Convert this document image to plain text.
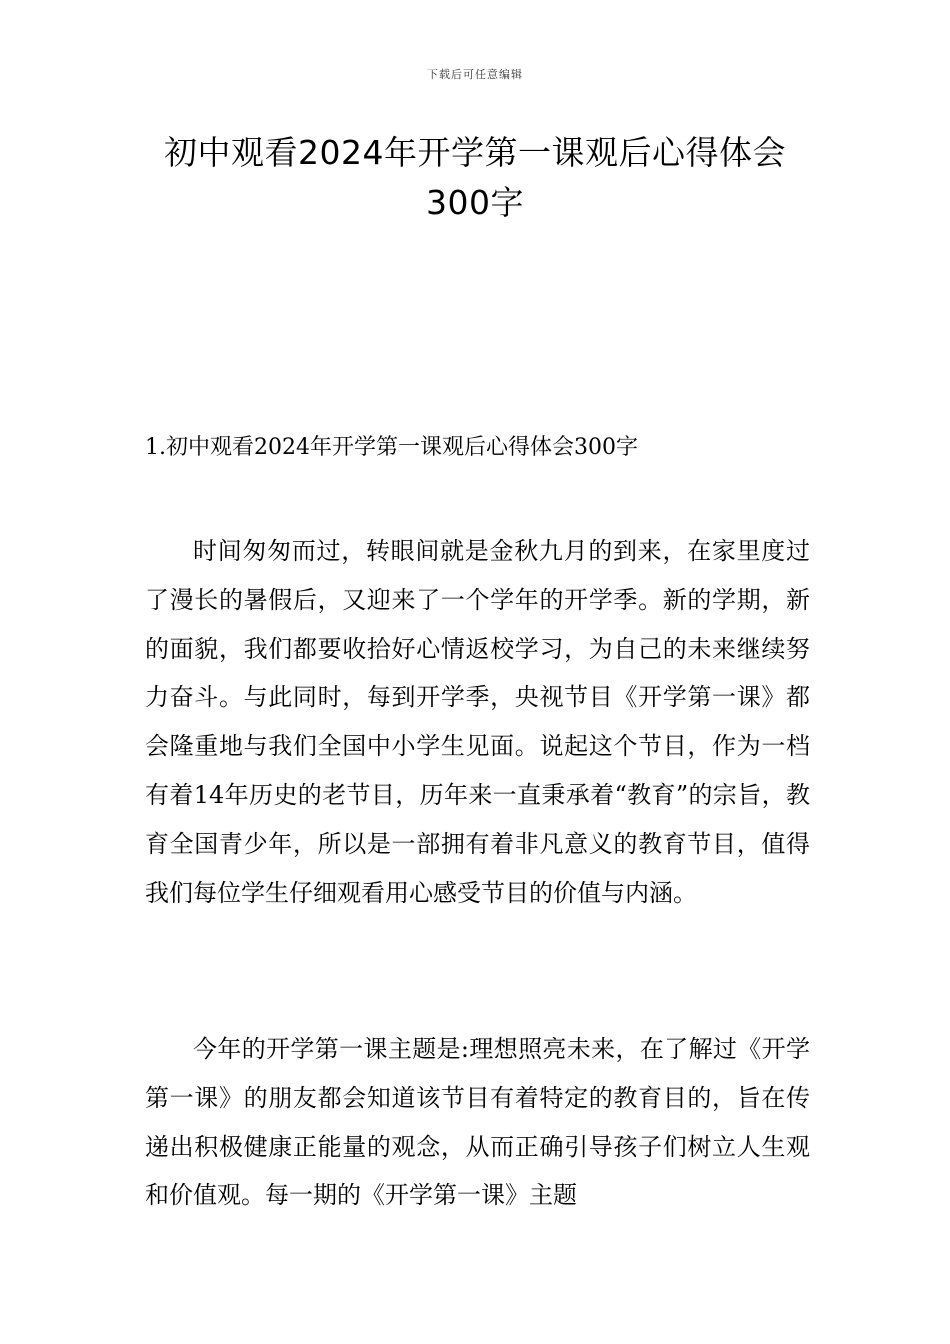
下载后可任意编辑
初中观看2024年开学第一课观后心得体会
300字
1.初中观看2024年开学第一课观后心得体会300字

时间匆匆而过，转眼间就是金秋九月的到来，在家里度过了漫长的暑假后，又迎来了一个学年的开学季。新的学期，新的面貌，我们都要收拾好心情返校学习，为自己的未来继续努力奋斗。与此同时，每到开学季，央视节目《开学第一课》都会隆重地与我们全国中小学生见面。说起这个节目，作为一档有着14年历史的老节目，历年来一直秉承着“教育”的宗旨，教育全国青少年，所以是一部拥有着非凡意义的教育节目，值得我们每位学生仔细观看用心感受节目的价值与内涵。

今年的开学第一课主题是:理想照亮未来，在了解过《开学第一课》的朋友都会知道该节目有着特定的教育目的，旨在传递出积极健康正能量的观念，从而正确引导孩子们树立人生观和价值观。每一期的《开学第一课》主题
